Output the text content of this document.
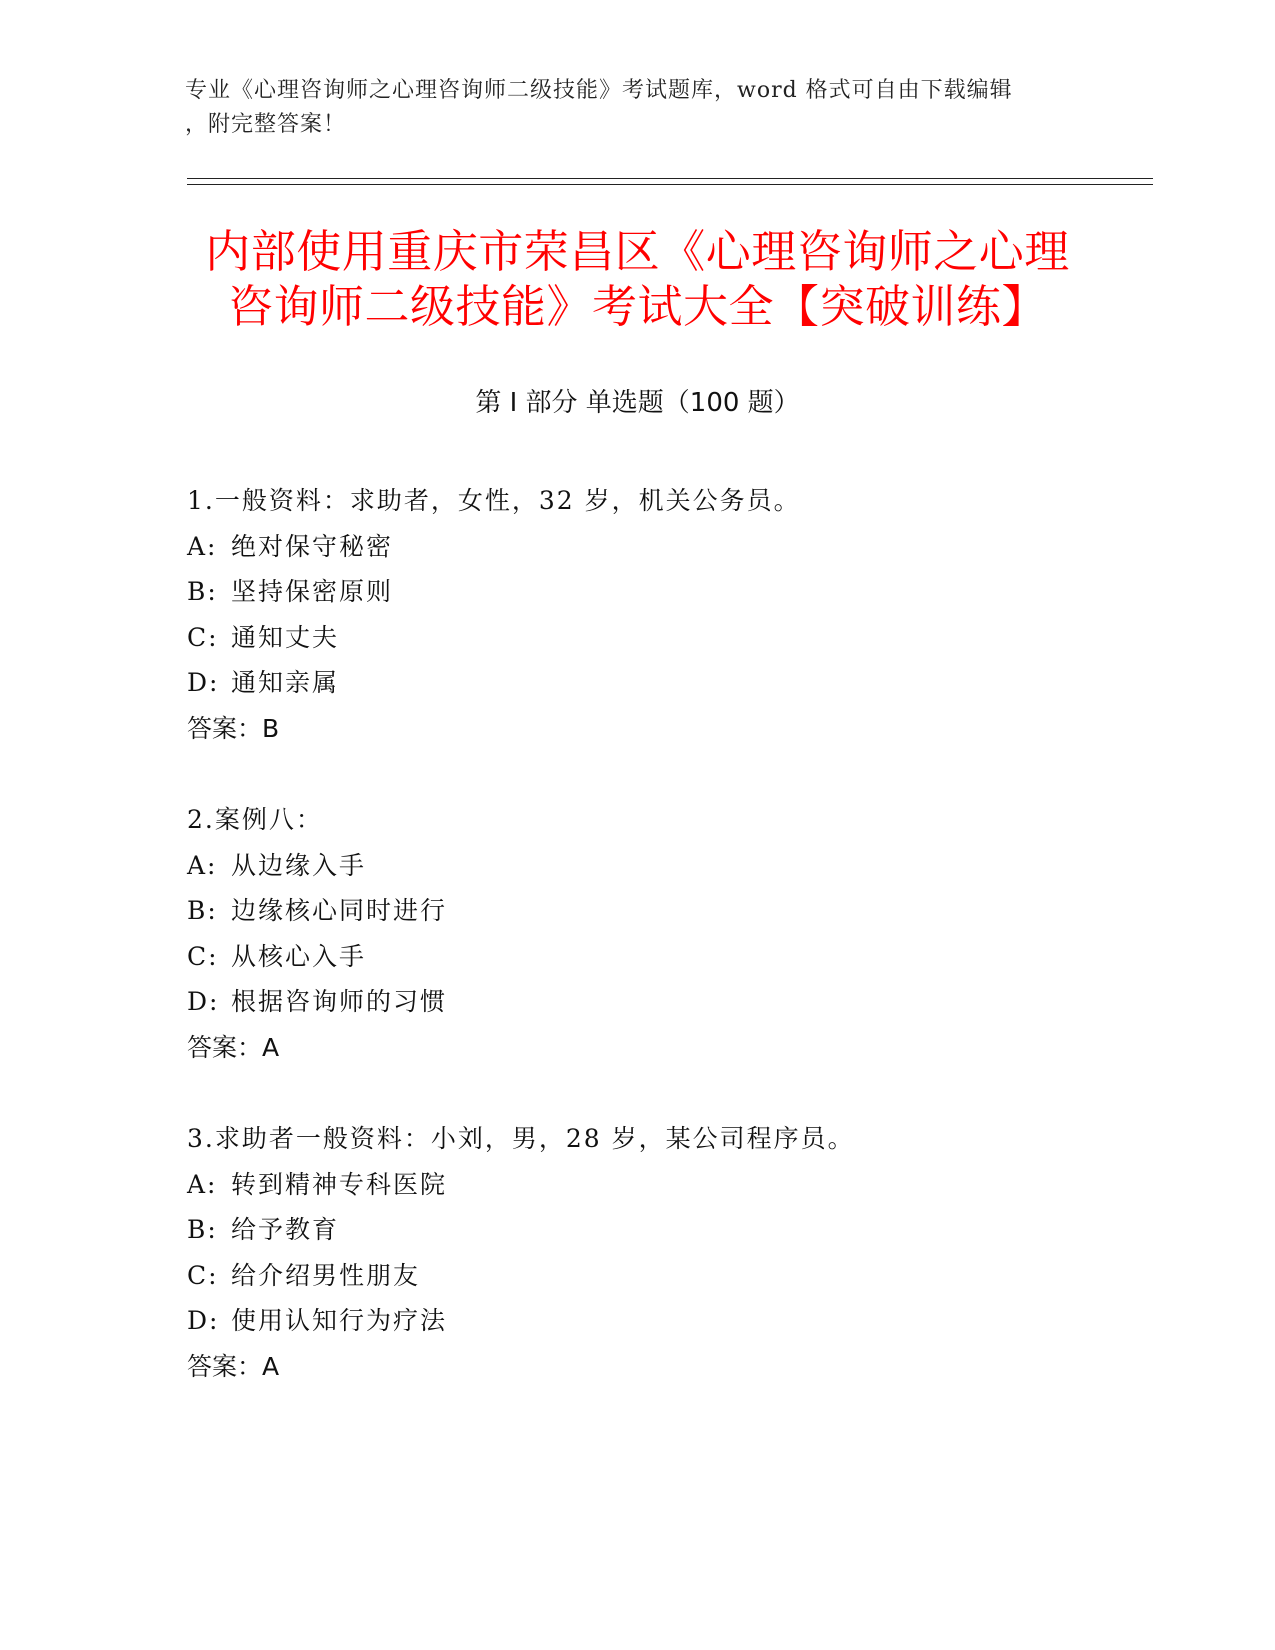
专业《心理咨询师之心理咨询师二级技能》考试题库，word 格式可自由下载编辑
，附完整答案！
内部使用重庆市荣昌区《心理咨询师之心理
咨询师二级技能》考试大全【突破训练】
第 I 部分 单选题（100 题）
1.一般资料：求助者，女性，32 岁，机关公务员。
A: 绝对保守秘密
B: 坚持保密原则
C: 通知丈夫
D: 通知亲属
答案：B
2.案例八：
A: 从边缘入手
B: 边缘核心同时进行
C: 从核心入手
D: 根据咨询师的习惯
答案：A
3.求助者一般资料：小刘，男，28 岁，某公司程序员。
A: 转到精神专科医院
B: 给予教育
C: 给介绍男性朋友
D: 使用认知行为疗法
答案：A
